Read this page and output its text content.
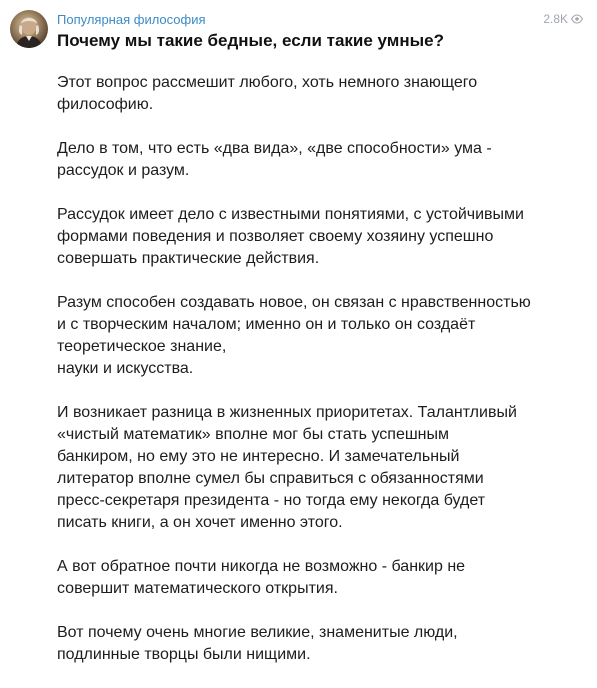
Популярная философия	2.8K
Почему мы такие бедные, если такие умные?

Этот вопрос рассмешит любого, хоть немного знающего
философию.

Дело в том, что есть «два вида», «две способности» ума -
рассудок и разум.

Рассудок имеет дело с известными понятиями, с устойчивыми
формами поведения и позволяет своему хозяину успешно
совершать практические действия.

Разум способен создавать новое, он связан с нравственностью
и с творческим началом; именно он и только он создаёт
теоретическое знание,
науки и искусства.

И возникает разница в жизненных приоритетах. Талантливый
«чистый математик» вполне мог бы стать успешным
банкиром, но ему это не интересно. И замечательный
литератор вполне сумел бы справиться с обязанностями
пресс-секретаря президента - но тогда ему некогда будет
писать книги, а он хочет именно этого.

А вот обратное почти никогда не возможно - банкир не
совершит математического открытия.

Вот почему очень многие великие, знаменитые люди,
подлинные творцы были нищими.
